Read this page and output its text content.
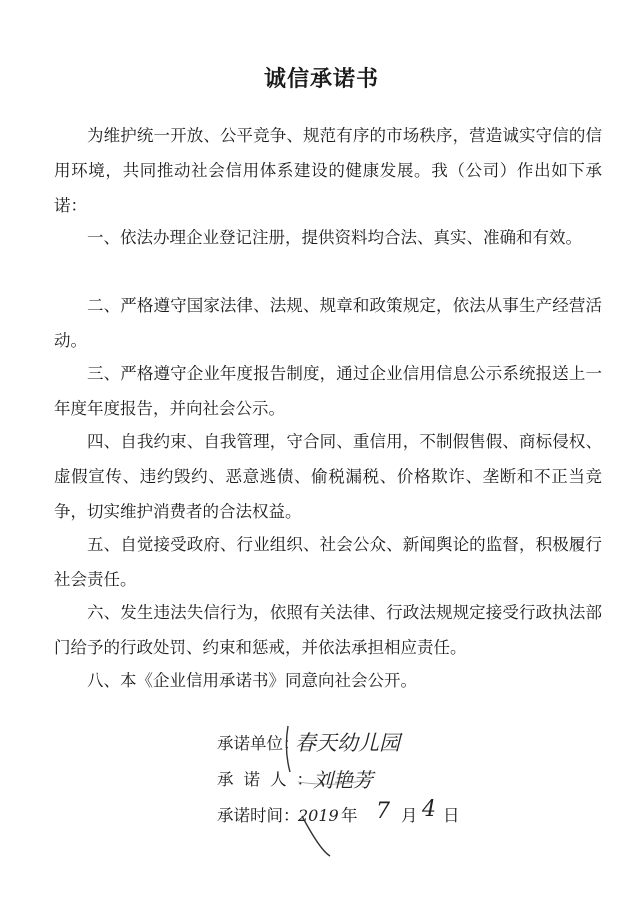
诚信承诺书

为维护统一开放、公平竞争、规范有序的市场秩序，营造诚实守信的信用环境，共同推动社会信用体系建设的健康发展。我（公司）作出如下承诺：

一、依法办理企业登记注册，提供资料均合法、真实、准确和有效。

二、严格遵守国家法律、法规、规章和政策规定，依法从事生产经营活动。

三、严格遵守企业年度报告制度，通过企业信用信息公示系统报送上一年度年度报告，并向社会公示。

四、自我约束、自我管理，守合同、重信用，不制假售假、商标侵权、虚假宣传、违约毁约、恶意逃债、偷税漏税、价格欺诈、垄断和不正当竞争，切实维护消费者的合法权益。

五、自觉接受政府、行业组织、社会公众、新闻舆论的监督，积极履行社会责任。

六、发生违法失信行为，依照有关法律、行政法规规定接受行政执法部门给予的行政处罚、约束和惩戒，并依法承担相应责任。

八、本《企业信用承诺书》同意向社会公开。

承诺单位：
承诺人：
承诺时间：
春天幼儿园
刘艳芳
2019 年 7 月 4 日
